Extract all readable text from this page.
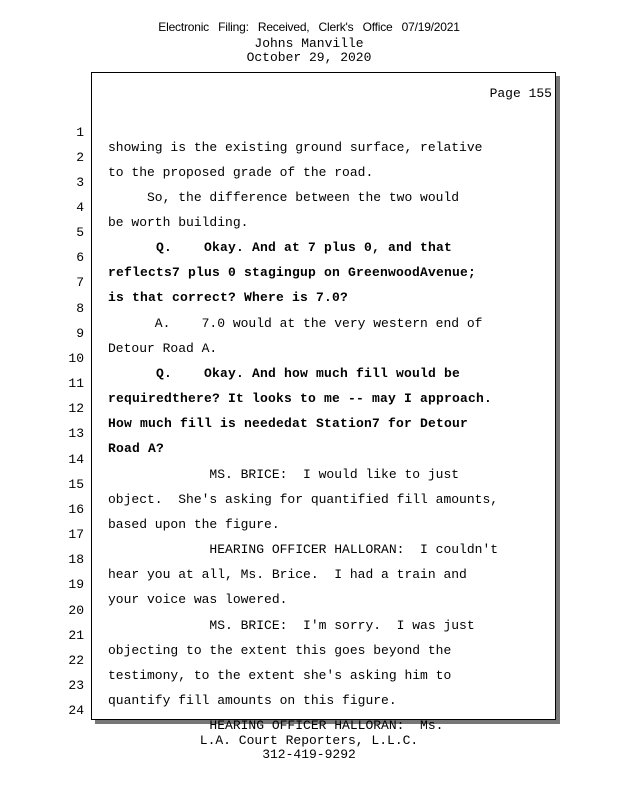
Electronic Filing: Received, Clerk's Office 07/19/2021
Johns Manville
October 29, 2020
Page 155

1

showing is the existing ground surface, relative

2

to the proposed grade of the road.

3

So, the difference between the two would

4

be worth building.

5

Q.    Okay. And at 7 plus 0, and that

6

reflects7 plus 0 stagingup on GreenwoodAvenue;

7

is that correct? Where is 7.0?

8

A.    7.0 would at the very western end of

9

Detour Road A.

10

Q.    Okay. And how much fill would be

11

requiredthere? It looks to me -- may I approach.

12

How much fill is neededat Station7 for Detour

13

Road A?

14

MS. BRICE:  I would like to just

15

object.  She's asking for quantified fill amounts,

16

based upon the figure.

17

HEARING OFFICER HALLORAN:  I couldn't

18

hear you at all, Ms. Brice.  I had a train and

19

your voice was lowered.

20

MS. BRICE:  I'm sorry.  I was just

21

objecting to the extent this goes beyond the

22

testimony, to the extent she's asking him to

23

quantify fill amounts on this figure.

24

HEARING OFFICER HALLORAN:  Ms.

L.A. Court Reporters, L.L.C.
312-419-9292
